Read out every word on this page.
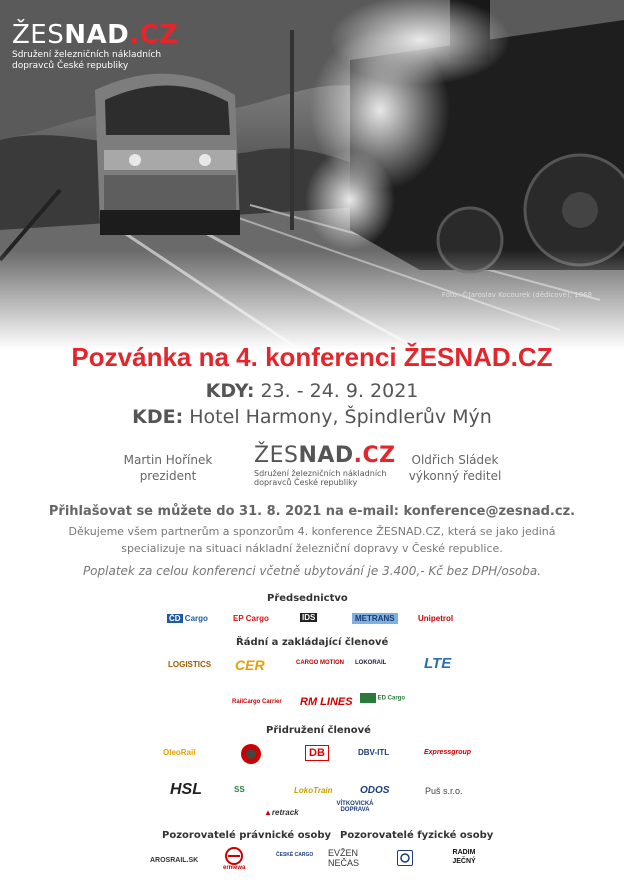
ŽESNAD.CZ
Sdružení železničních nákladních
dopravců České republiky
Foto: ©Jaroslav Kocourek (dědicové), 1968
Pozvánka na 4. konferenci ŽESNAD.CZ
KDY: 23. - 24. 9. 2021
KDE: Hotel Harmony, Špindlerův Mýn
Martin Hořínek
prezident
ŽESNAD.CZ
Sdružení železničních nákladních
dopravců České republiky
Oldřich Sládek
výkonný ředitel
Přihlašovat se můžete do 31. 8. 2021 na e-mail: konference@zesnad.cz.
Děkujeme všem partnerům a sponzorům 4. konference ŽESNAD.CZ, která se jako jediná
specializuje na situaci nákladní železniční dopravy v České republice.
Poplatek za celou konferenci včetně ubytování je 3.400,- Kč bez DPH/osoba.
Předsednictvo
ČD Cargo	EP Cargo	IDS	METRANS	Unipetrol
Řádní a zakládající členové
LOGISTICS CER	CARGO MOTION LOKORAIL	LTE
RailCargo Carrier RM LINES	ED Cargo
Přidružení členové
OleoRail	DB	DBV-ITL	Expressgroup
HSL	SS	LokoTrain	ODOS	Puš s.r.o.
▲retrack
VÍTKOVICKÁ DOPRAVA
Pozorovatelé právnické osoby Pozorovatelé fyzické osoby
AROSRAIL.SK
ermewa
ČESKÉ CARGO EVŽEN NEČAS
RADIM JEČNÝ
